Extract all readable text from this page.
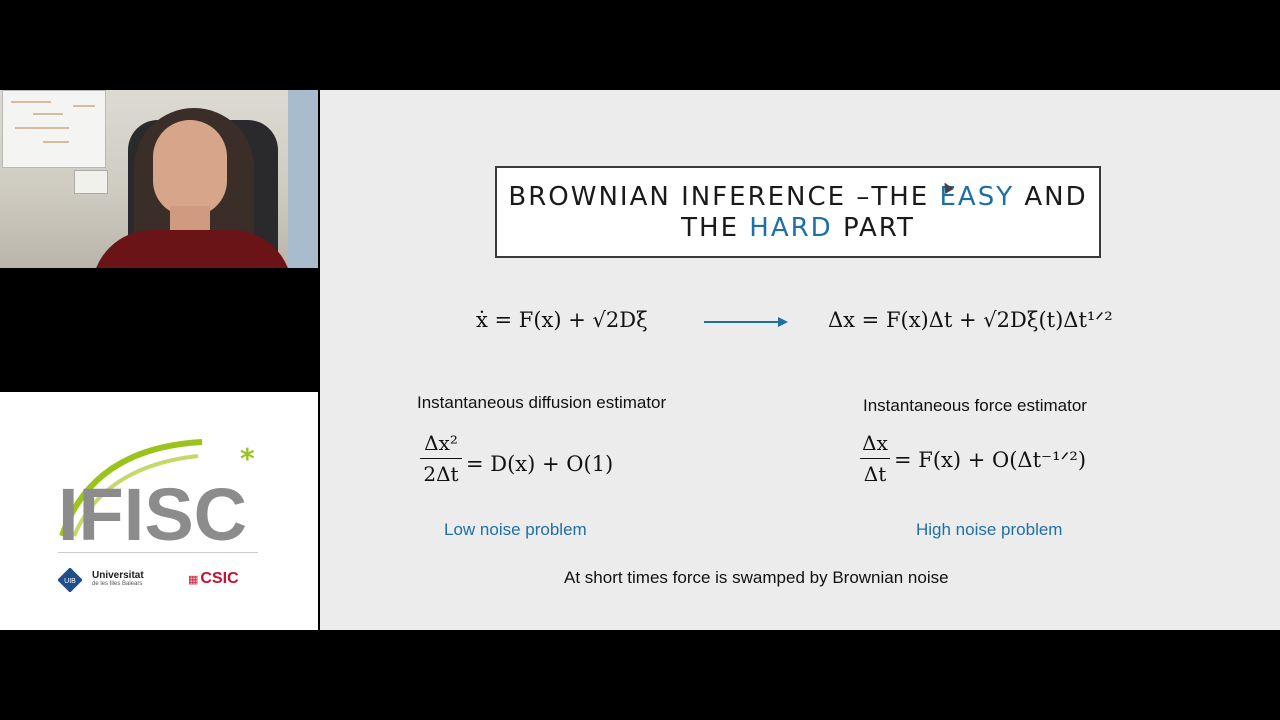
IFISC
*
UIB
Universitat
de les Illes Balears	▦ CSIC
BROWNIAN INFERENCE –THE EASY AND
THE HARD PART
ẋ = F(x) + √2Dξ	Δx = F(x)Δt + √2Dξ(t)Δt¹ᐟ²
Instantaneous diffusion estimator
Δx²
2Δt = D(x) + O(1)
Instantaneous force estimator
Δx
Δt
= F(x) + O(Δt⁻¹ᐟ²)
Low noise problem	High noise problem
At short times force is swamped by Brownian noise
